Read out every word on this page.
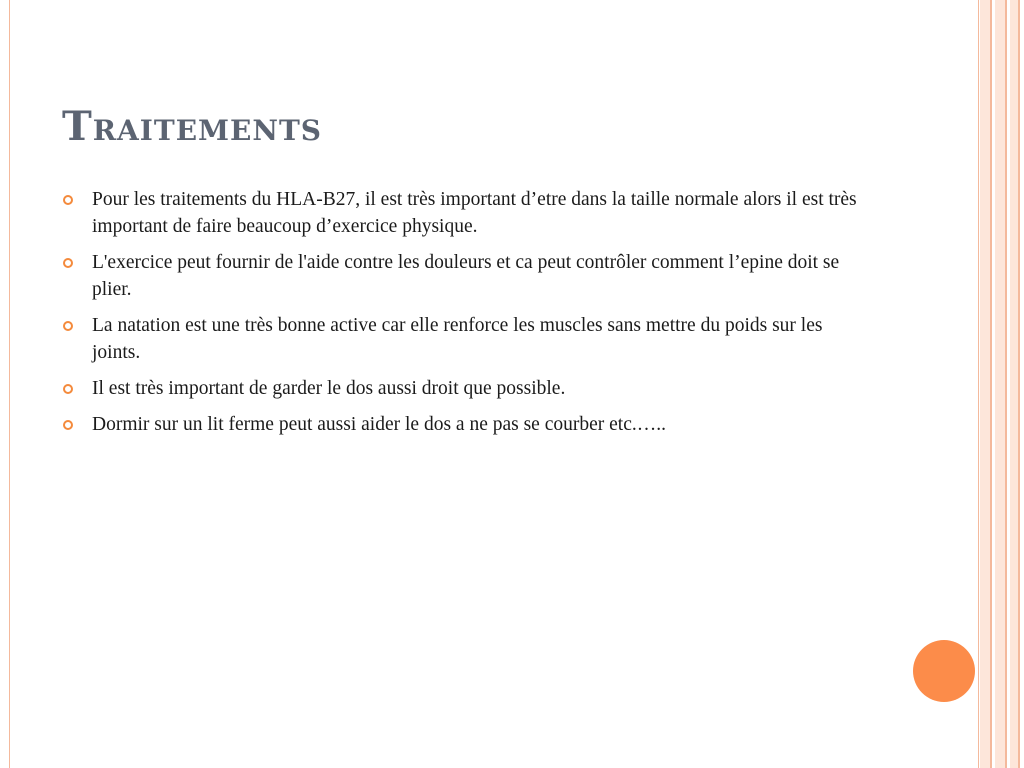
Traitements
Pour les traitements du HLA-B27, il est très important d’etre dans la taille normale alors il est très important de faire beaucoup d’exercice physique.
L'exercice peut fournir de l'aide contre les douleurs et ca peut contrôler comment l’epine doit se plier.
La natation est une très bonne active car elle renforce les muscles sans mettre du poids sur les joints.
Il est très important de garder le dos aussi droit que possible.
Dormir sur un lit ferme peut aussi aider le dos a ne pas se courber etc.…..
